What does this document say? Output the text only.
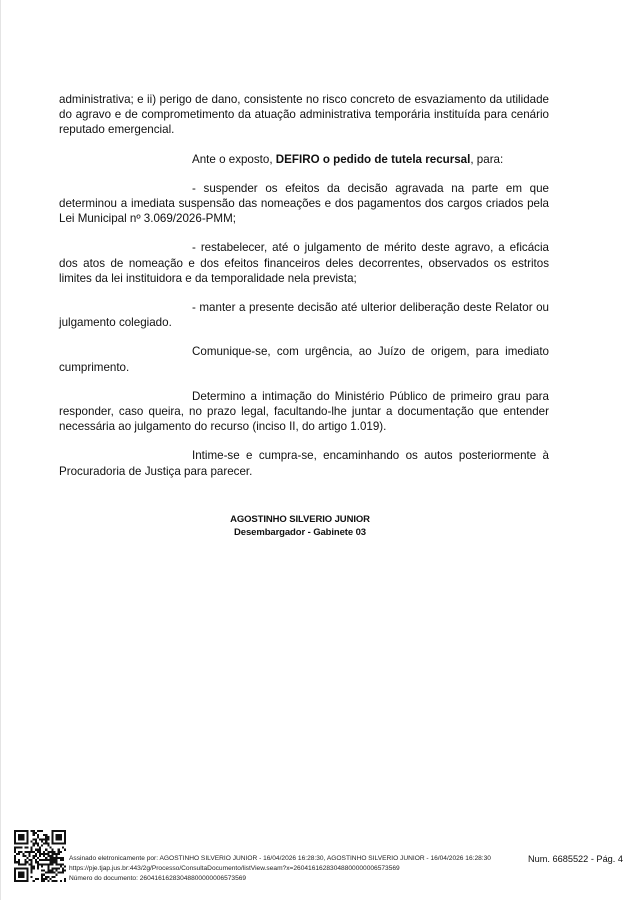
administrativa; e ii) perigo de dano, consistente no risco concreto de esvaziamento da utilidade do agravo e de comprometimento da atuação administrativa temporária instituída para cenário reputado emergencial.

Ante o exposto, DEFIRO o pedido de tutela recursal, para:

- suspender os efeitos da decisão agravada na parte em que determinou a imediata suspensão das nomeações e dos pagamentos dos cargos criados pela Lei Municipal nº 3.069/2026-PMM;

- restabelecer, até o julgamento de mérito deste agravo, a eficácia dos atos de nomeação e dos efeitos financeiros deles decorrentes, observados os estritos limites da lei instituidora e da temporalidade nela prevista;

- manter a presente decisão até ulterior deliberação deste Relator ou julgamento colegiado.

Comunique-se, com urgência, ao Juízo de origem, para imediato cumprimento.

Determino a intimação do Ministério Público de primeiro grau para responder, caso queira, no prazo legal, facultando-lhe juntar a documentação que entender necessária ao julgamento do recurso (inciso II, do artigo 1.019).

Intime-se e cumpra-se, encaminhando os autos posteriormente à Procuradoria de Justiça para parecer.

AGOSTINHO SILVERIO JUNIOR
Desembargador - Gabinete 03
Assinado eletronicamente por: AGOSTINHO SILVERIO JUNIOR - 16/04/2026 16:28:30, AGOSTINHO SILVERIO JUNIOR - 16/04/2026 16:28:30
https://pje.tjap.jus.br:443/2g/Processo/ConsultaDocumento/listView.seam?x=26041616283048800000006573569
Número do documento: 26041616283048800000006573569
Num. 6685522 - Pág. 4
